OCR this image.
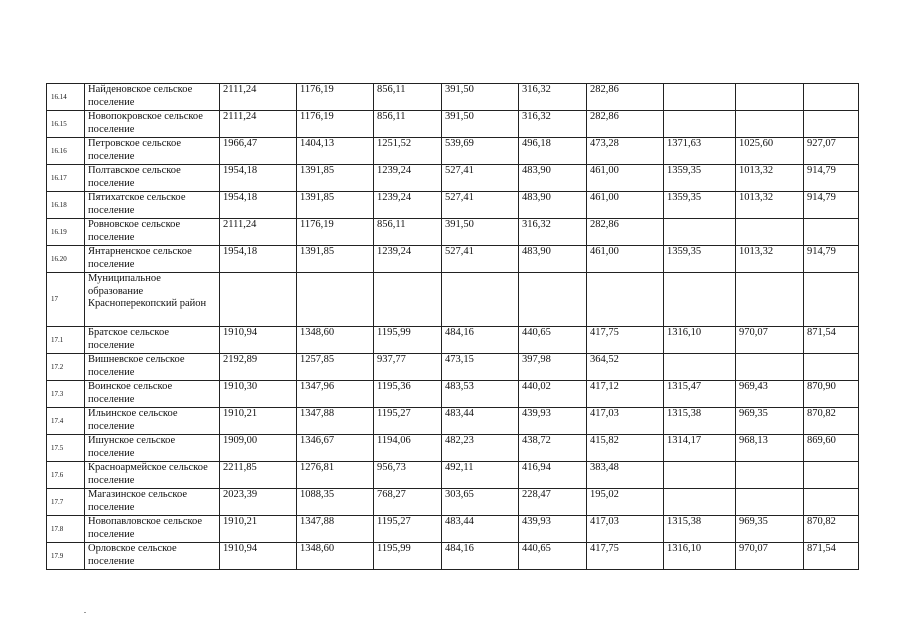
16.14	Найденовское сельское поселение	2111,24	1176,19	856,11	391,50	316,32	282,86			
16.15	Новопокровское сельское поселение	2111,24	1176,19	856,11	391,50	316,32	282,86			
16.16	Петровское сельское поселение	1966,47	1404,13	1251,52	539,69	496,18	473,28	1371,63	1025,60	927,07
16.17	Полтавское сельское поселение	1954,18	1391,85	1239,24	527,41	483,90	461,00	1359,35	1013,32	914,79
16.18	Пятихатское сельское поселение	1954,18	1391,85	1239,24	527,41	483,90	461,00	1359,35	1013,32	914,79
16.19	Ровновское сельское поселение	2111,24	1176,19	856,11	391,50	316,32	282,86			
16.20	Янтарненское сельское поселение	1954,18	1391,85	1239,24	527,41	483,90	461,00	1359,35	1013,32	914,79
17	Муниципальное образование Красноперекопский район									
17.1	Братское сельское поселение	1910,94	1348,60	1195,99	484,16	440,65	417,75	1316,10	970,07	871,54
17.2	Вишневское сельское поселение	2192,89	1257,85	937,77	473,15	397,98	364,52			
17.3	Воинское сельское поселение	1910,30	1347,96	1195,36	483,53	440,02	417,12	1315,47	969,43	870,90
17.4	Ильинское сельское поселение	1910,21	1347,88	1195,27	483,44	439,93	417,03	1315,38	969,35	870,82
17.5	Ишунское сельское поселение	1909,00	1346,67	1194,06	482,23	438,72	415,82	1314,17	968,13	869,60
17.6	Красноармейское сельское поселение	2211,85	1276,81	956,73	492,11	416,94	383,48			
17.7	Магазинское сельское поселение	2023,39	1088,35	768,27	303,65	228,47	195,02			
17.8	Новопавловское сельское поселение	1910,21	1347,88	1195,27	483,44	439,93	417,03	1315,38	969,35	870,82
17.9	Орловское сельское поселение	1910,94	1348,60	1195,99	484,16	440,65	417,75	1316,10	970,07	871,54
